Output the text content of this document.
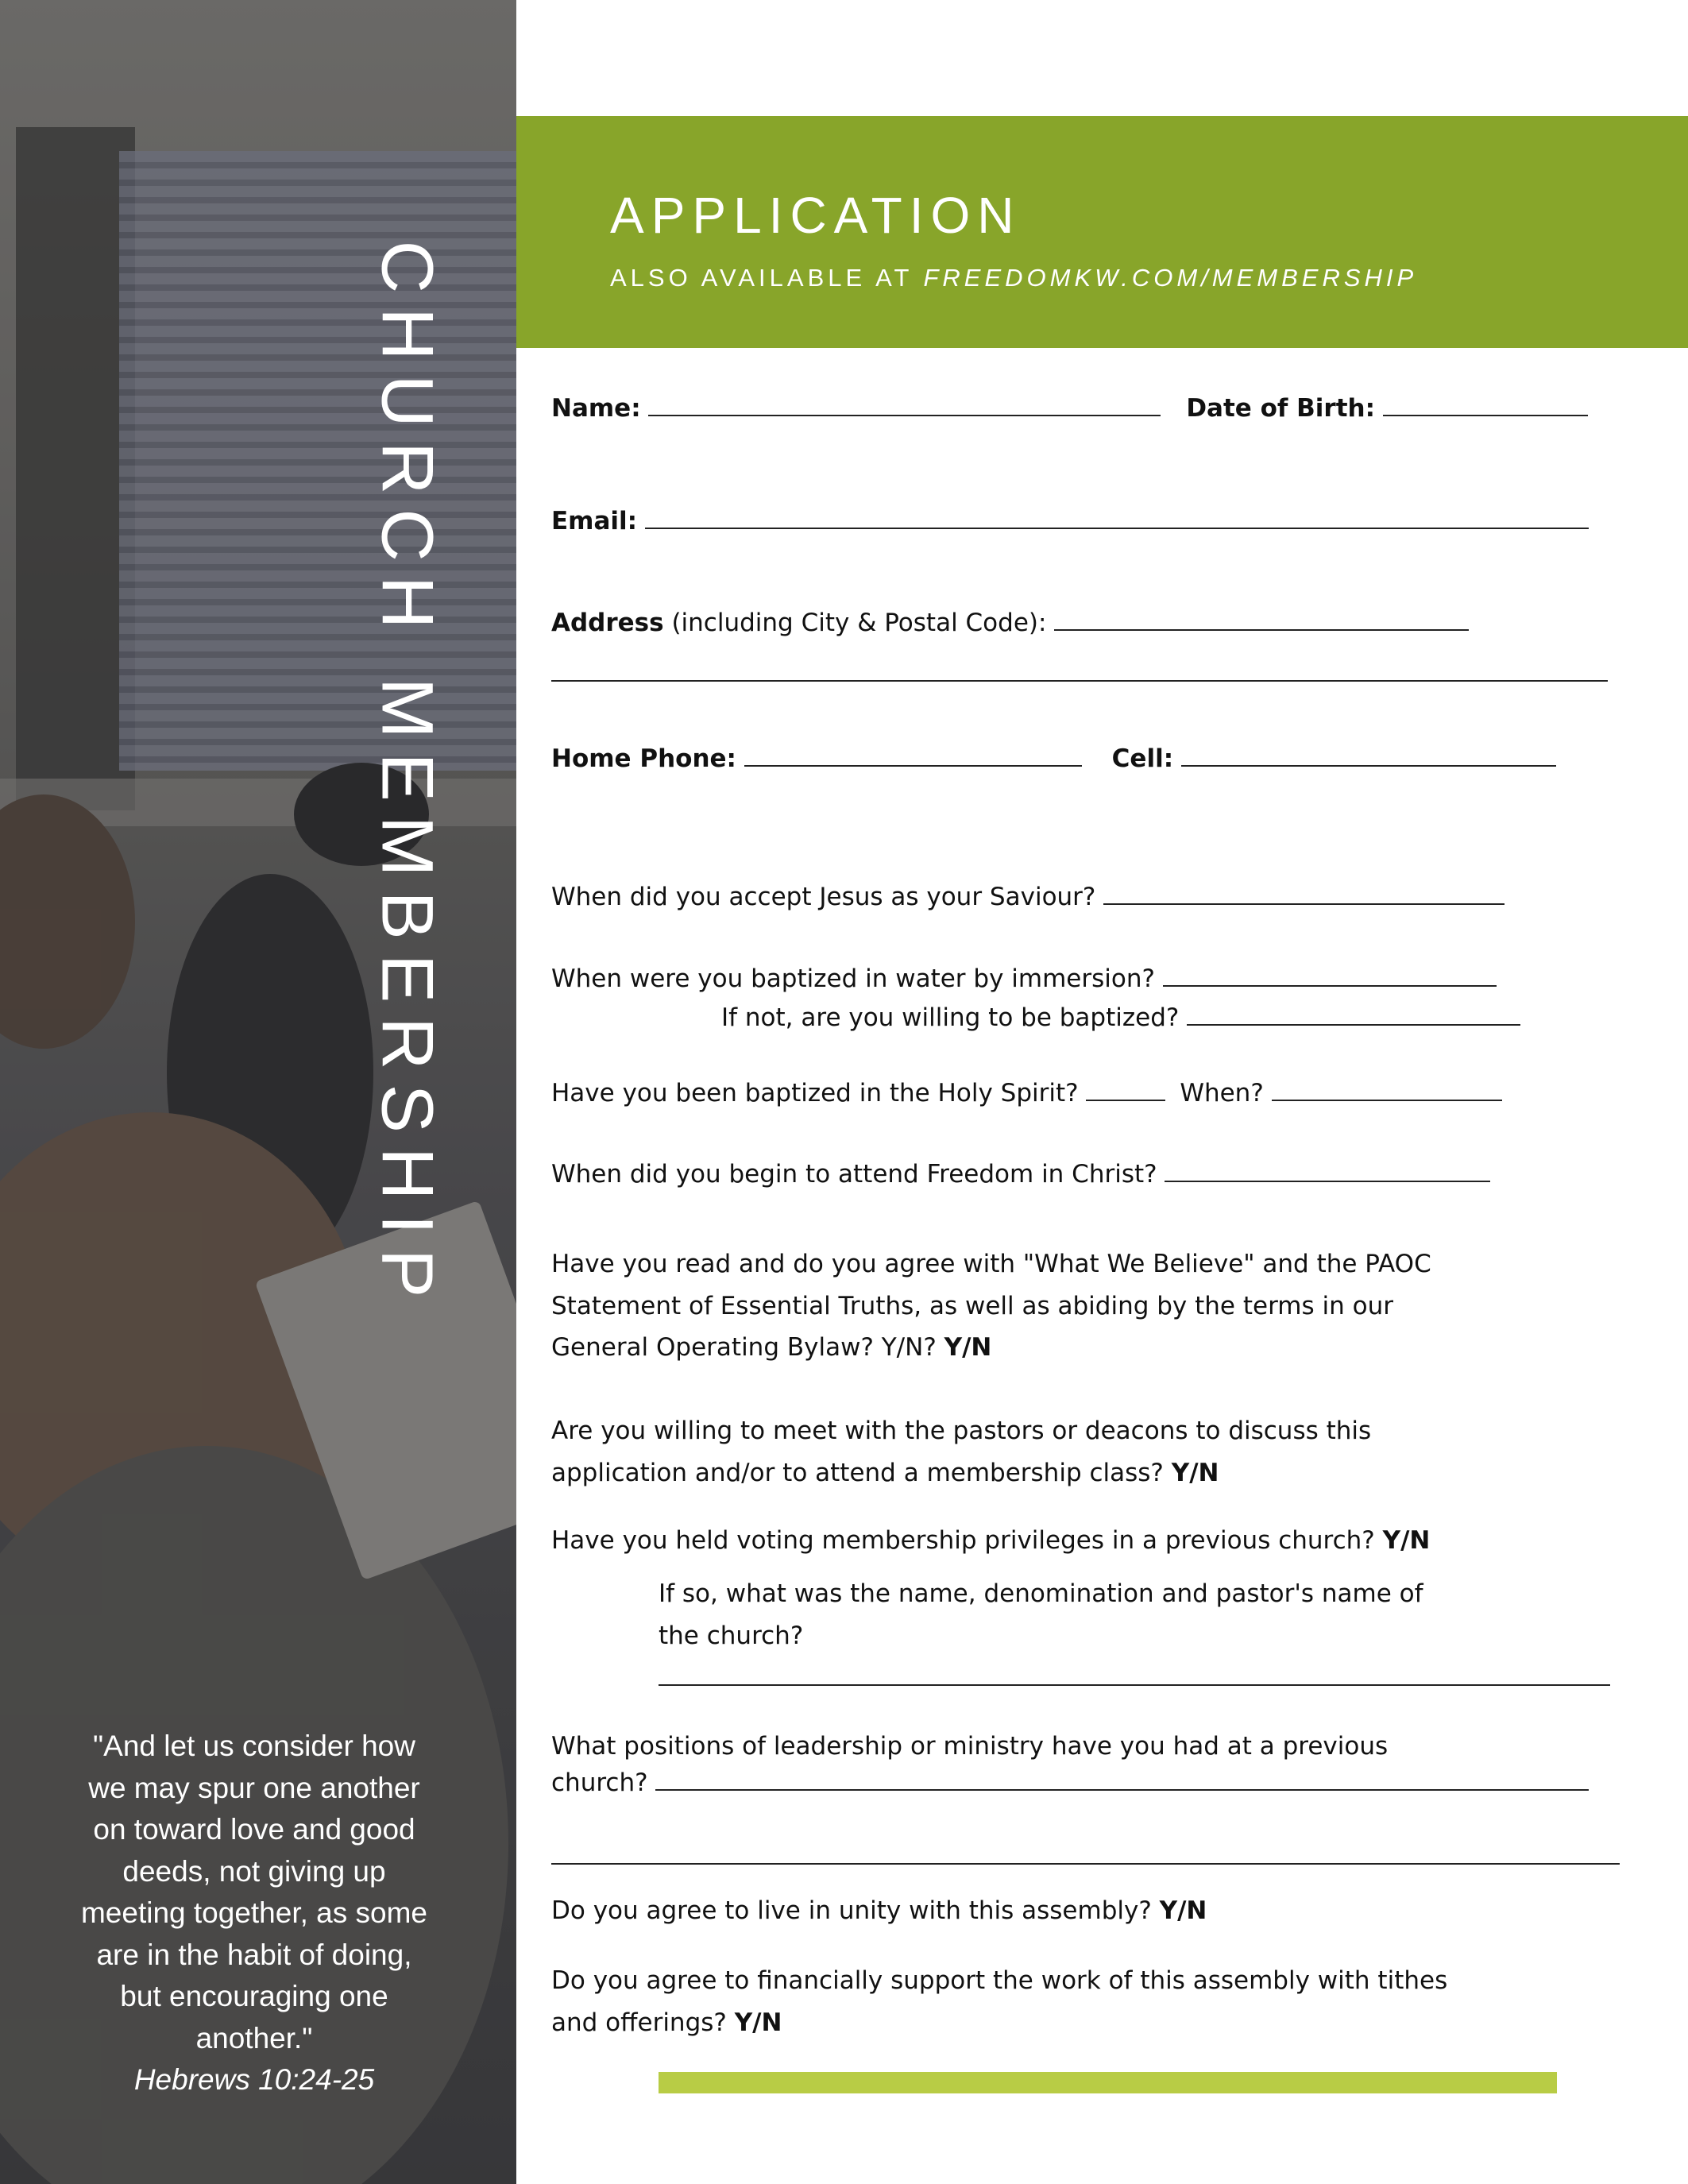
CHURCH MEMBERSHIP
"And let us consider how
we may spur one another
on toward love and good
deeds, not giving up
meeting together, as some
are in the habit of doing,
but encouraging one
another."
Hebrews 10:24-25
APPLICATION
ALSO AVAILABLE AT FREEDOMKW.COM/MEMBERSHIP
Name:	Date of Birth:
Email:
Address (including City & Postal Code):
Home Phone:	Cell:
When did you accept Jesus as your Saviour?
When were you baptized in water by immersion?
If not, are you willing to be baptized?
Have you been baptized in the Holy Spirit?	When?
When did you begin to attend Freedom in Christ?
Have you read and do you agree with "What We Believe" and the PAOC
Statement of Essential Truths, as well as abiding by the terms in our
General Operating Bylaw? Y/N? Y/N
Are you willing to meet with the pastors or deacons to discuss this
application and/or to attend a membership class? Y/N
Have you held voting membership privileges in a previous church? Y/N
If so, what was the name, denomination and pastor's name of
the church?
What positions of leadership or ministry have you had at a previous
church?
Do you agree to live in unity with this assembly? Y/N
Do you agree to financially support the work of this assembly with tithes
and offerings? Y/N
